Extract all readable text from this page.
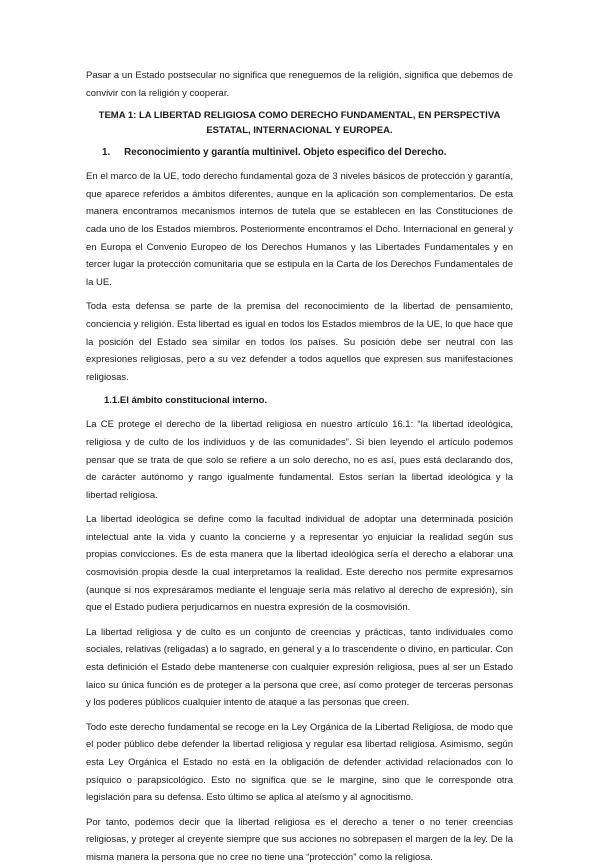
Pasar a un Estado postsecular no significa que reneguemos de la religión, significa que debemos de convivir con la religión y cooperar.

TEMA 1: LA LIBERTAD RELIGIOSA COMO DERECHO FUNDAMENTAL, EN PERSPECTIVA ESTATAL, INTERNACIONAL Y EUROPEA.
1. Reconocimiento y garantía multinivel. Objeto especifico del Derecho.

En el marco de la UE, todo derecho fundamental goza de 3 niveles básicos de protección y garantía, que aparece referidos a ámbitos diferentes, aunque en la aplicación son complementarios. De esta manera encontramos mecanismos internos de tutela que se establecen en las Constituciones de cada uno de los Estados miembros. Posteriormente encontramos el Dcho. Internacional en general y en Europa el Convenio Europeo de los Derechos Humanos y las Libertades Fundamentales y en tercer lugar la protección comunitaria que se estipula en la Carta de los Derechos Fundamentales de la UE.

Toda esta defensa se parte de la premisa del reconocimiento de la libertad de pensamiento, conciencia y religión. Esta libertad es igual en todos los Estados miembros de la UE, lo que hace que la posición del Estado sea similar en todos los países. Su posición debe ser neutral con las expresiones religiosas, pero a su vez defender a todos aquellos que expresen sus manifestaciones religiosas.

1.1.El ámbito constitucional interno.

La CE protege el derecho de la libertad religiosa en nuestro artículo 16.1: “la libertad ideológica, religiosa y de culto de los individuos y de las comunidades”. Si bien leyendo el artículo podemos pensar que se trata de que solo se refiere a un solo derecho, no es así, pues está declarando dos, de carácter autónomo y rango igualmente fundamental. Estos serían la libertad ideológica y la libertad religiosa.

La libertad ideológica se define como la facultad individual de adoptar una determinada posición intelectual ante la vida y cuanto la concierne y a representar yo enjuiciar la realidad según sus propias convicciones. Es de esta manera que la libertad ideológica sería el derecho a elaborar una cosmovisión propia desde la cual interpretamos la realidad. Este derecho nos permite expresarnos (aunque si nos expresáramos mediante el lenguaje sería más relativo al derecho de expresión), sin que el Estado pudiera perjudicarnos en nuestra expresión de la cosmovisión.

La libertad religiosa y de culto es un conjunto de creencias y prácticas, tanto individuales como sociales, relativas (religadas) a lo sagrado, en general y a lo trascendente o divino, en particular. Con esta definición el Estado debe mantenerse con cualquier expresión religiosa, pues al ser un Estado laico su única función es de proteger a la persona que cree, así como proteger de terceras personas y los poderes públicos cualquier intento de ataque a las personas que creen.

Todo este derecho fundamental se recoge en la Ley Orgánica de la Libertad Religiosa, de modo que el poder público debe defender la libertad religiosa y regular esa libertad religiosa. Asimismo, según esta Ley Orgánica el Estado no está en la obligación de defender actividad relacionados con lo psíquico o parapsicológico. Esto no significa que se le margine, sino que le corresponde otra legislación para su defensa. Esto último se aplica al ateísmo y al agnocitismo.

Por tanto, podemos decir que la libertad religiosa es el derecho a tener o no tener creencias religiosas, y proteger al creyente siempre que sus acciones no sobrepasen el margen de la ley. De la misma manera la persona que no cree no tiene una “protección” como la religiosa.
